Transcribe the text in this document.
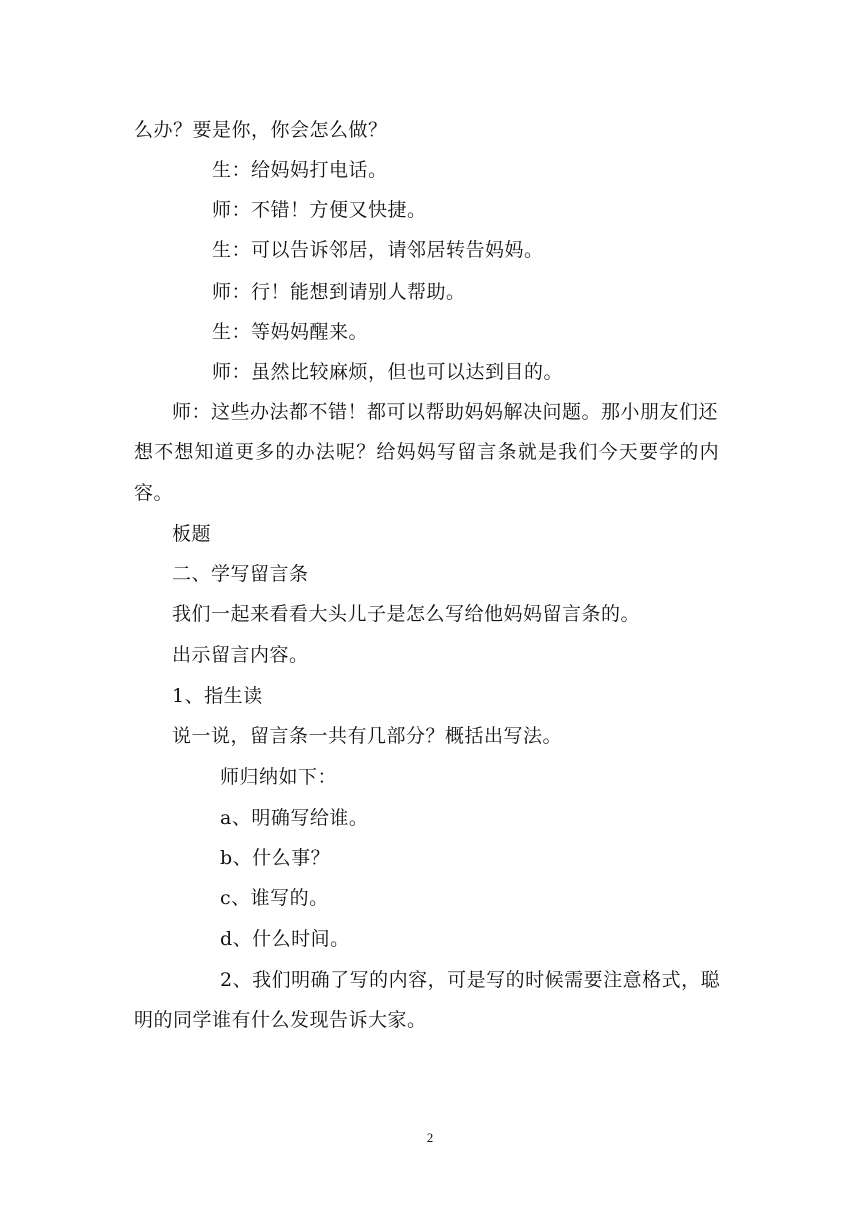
么办？要是你，你会怎么做？
生：给妈妈打电话。
师：不错！方便又快捷。
生：可以告诉邻居，请邻居转告妈妈。
师：行！能想到请别人帮助。
生：等妈妈醒来。
师：虽然比较麻烦，但也可以达到目的。
师：这些办法都不错！都可以帮助妈妈解决问题。那小朋友们还
想不想知道更多的办法呢？给妈妈写留言条就是我们今天要学的内
容。
板题
二、学写留言条
我们一起来看看大头儿子是怎么写给他妈妈留言条的。
出示留言内容。
1、指生读
说一说，留言条一共有几部分？概括出写法。
师归纳如下：
a、明确写给谁。
b、什么事？
c、谁写的。
d、什么时间。
2、我们明确了写的内容，可是写的时候需要注意格式，聪
明的同学谁有什么发现告诉大家。
2
